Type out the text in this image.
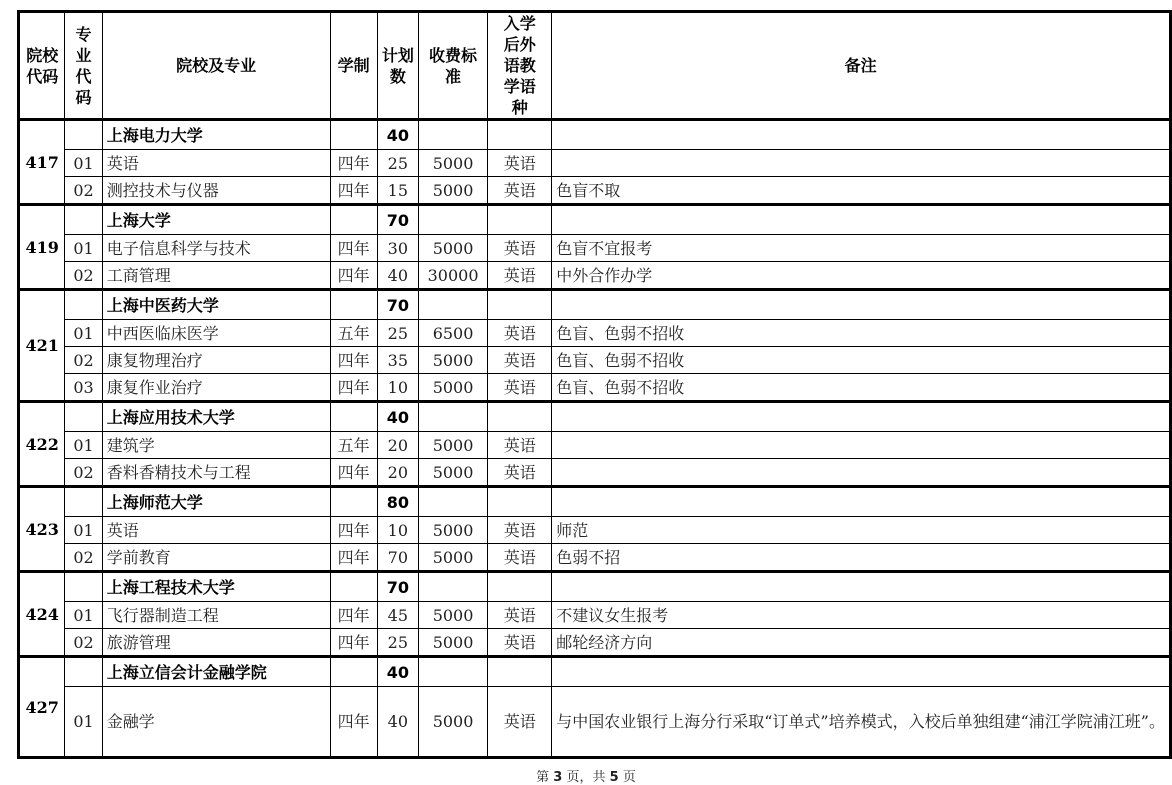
院校代码	专业代码	院校及专业	学制	计划数	收费标准	入学后外语教学语种	备注
417		上海电力大学		40			
	01	英语	四年	25	5000	英语	
	02	测控技术与仪器	四年	15	5000	英语	色盲不取
419		上海大学		70			
	01	电子信息科学与技术	四年	30	5000	英语	色盲不宜报考
	02	工商管理	四年	40	30000	英语	中外合作办学
421		上海中医药大学		70			
	01	中西医临床医学	五年	25	6500	英语	色盲、色弱不招收
	02	康复物理治疗	四年	35	5000	英语	色盲、色弱不招收
	03	康复作业治疗	四年	10	5000	英语	色盲、色弱不招收
422		上海应用技术大学		40			
	01	建筑学	五年	20	5000	英语	
	02	香料香精技术与工程	四年	20	5000	英语	
423		上海师范大学		80			
	01	英语	四年	10	5000	英语	师范
	02	学前教育	四年	70	5000	英语	色弱不招
424		上海工程技术大学		70			
	01	飞行器制造工程	四年	45	5000	英语	不建议女生报考
	02	旅游管理	四年	25	5000	英语	邮轮经济方向
427		上海立信会计金融学院		40			
	01	金融学	四年	40	5000	英语	与中国农业银行上海分行采取“订单式”培养模式，入校后单独组建“浦江学院浦江班”。
第 3 页，共 5 页
